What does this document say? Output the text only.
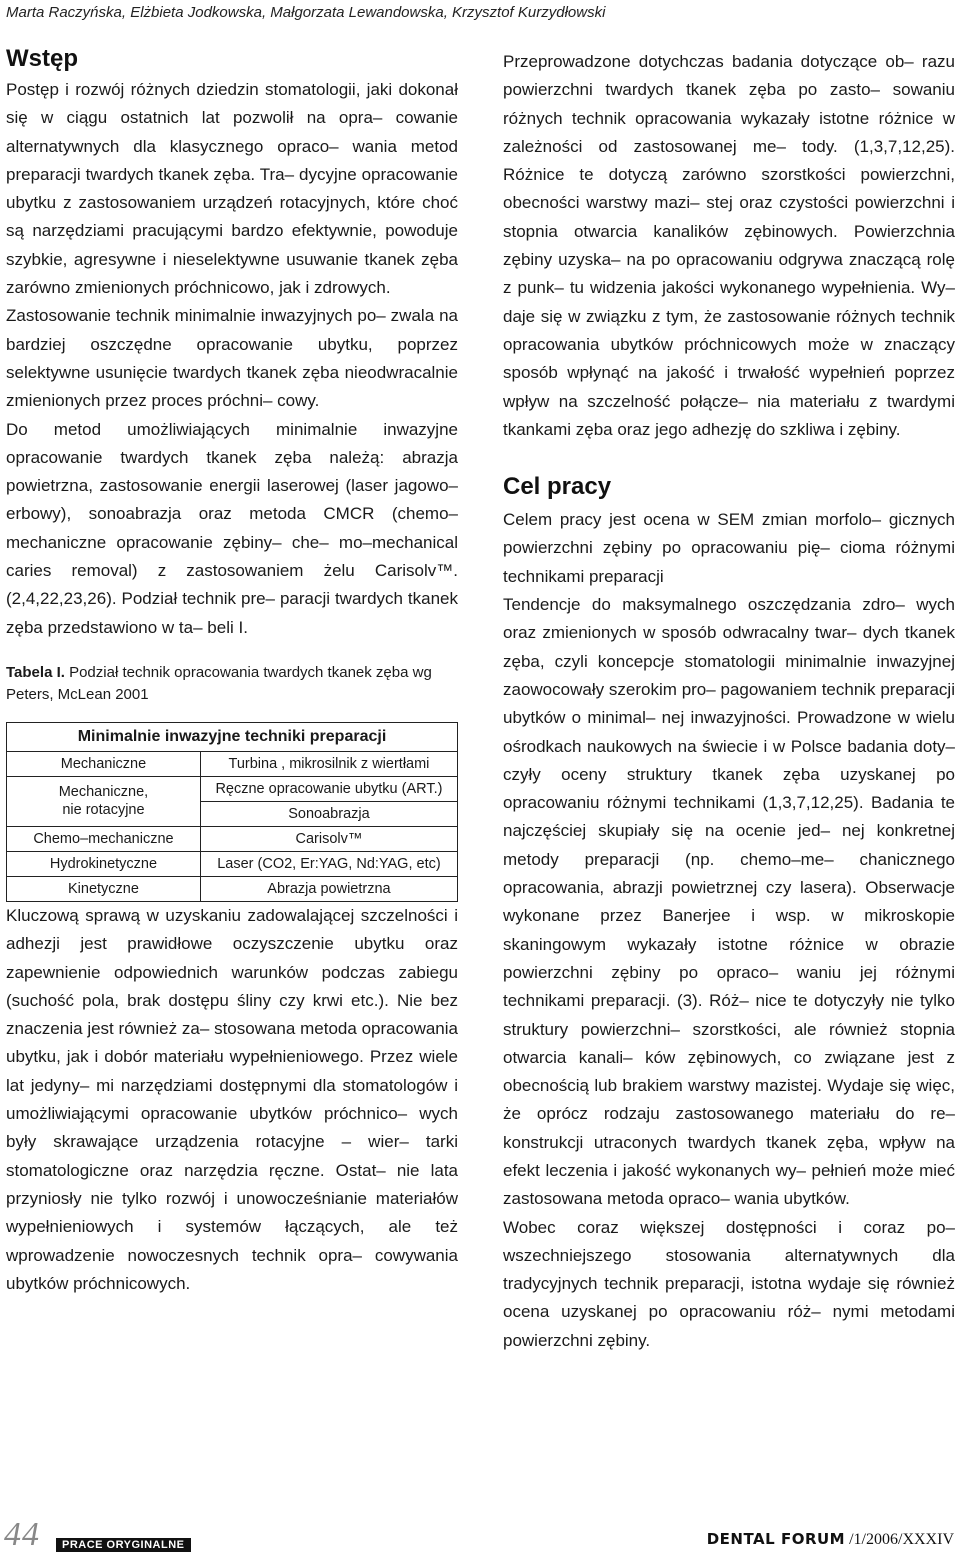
Marta Raczyńska, Elżbieta Jodkowska, Małgorzata Lewandowska, Krzysztof Kurzydłowski
Wstęp

Postęp i rozwój różnych dziedzin stomatologii, jaki dokonał się w ciągu ostatnich lat pozwolił na opra– cowanie alternatywnych dla klasycznego opraco– wania metod preparacji twardych tkanek zęba. Tra– dycyjne opracowanie ubytku z zastosowaniem urządzeń rotacyjnych, które choć są narzędziami pracującymi bardzo efektywnie, powoduje szybkie, agresywne i nieselektywne usuwanie tkanek zęba zarówno zmienionych próchnicowo, jak i zdrowych.

Zastosowanie technik minimalnie inwazyjnych po– zwala na bardziej oszczędne opracowanie ubytku, poprzez selektywne usunięcie twardych tkanek zęba nieodwracalnie zmienionych przez proces próchni– cowy.

Do metod umożliwiających minimalnie inwazyjne opracowanie twardych tkanek zęba należą: abrazja powietrzna, zastosowanie energii laserowej (laser jagowo–erbowy), sonoabrazja oraz metoda CMCR (chemo–mechaniczne opracowanie zębiny– che– mo–mechanical caries removal) z zastosowaniem żelu Carisolv™. (2,4,22,23,26). Podział technik pre– paracji twardych tkanek zęba przedstawiono w ta– beli I.

Tabela I. Podział technik opracowania twardych tkanek zęba wg Peters, McLean 2001
Minimalnie inwazyjne techniki preparacji	
Mechaniczne	Turbina , mikrosilnik z wiertłami
Mechaniczne,
nie rotacyjne	Ręczne opracowanie ubytku (ART.)
	Sonoabrazja
Chemo–mechaniczne	Carisolv™
Hydrokinetyczne	Laser (CO2, Er:YAG, Nd:YAG, etc)
Kinetyczne	Abrazja powietrzna

Kluczową sprawą w uzyskaniu zadowalającej szczelności i adhezji jest prawidłowe oczyszczenie ubytku oraz zapewnienie odpowiednich warunków podczas zabiegu (suchość pola, brak dostępu śliny czy krwi etc.). Nie bez znaczenia jest również za– stosowana metoda opracowania ubytku, jak i dobór materiału wypełnieniowego. Przez wiele lat jedyny– mi narzędziami dostępnymi dla stomatologów i umożliwiającymi opracowanie ubytków próchnico– wych były skrawające urządzenia rotacyjne – wier– tarki stomatologiczne oraz narzędzia ręczne. Ostat– nie lata przyniosły nie tylko rozwój i unowocześnianie materiałów wypełnieniowych i systemów łączących, ale też wprowadzenie nowoczesnych technik opra– cowywania ubytków próchnicowych.

Przeprowadzone dotychczas badania dotyczące ob– razu powierzchni twardych tkanek zęba po zasto– sowaniu różnych technik opracowania wykazały istotne różnice w zależności od zastosowanej me– tody. (1,3,7,12,25). Różnice te dotyczą zarówno szorstkości powierzchni, obecności warstwy mazi– stej oraz czystości powierzchni i stopnia otwarcia kanalików zębinowych. Powierzchnia zębiny uzyska– na po opracowaniu odgrywa znaczącą rolę z punk– tu widzenia jakości wykonanego wypełnienia. Wy– daje się w związku z tym, że zastosowanie różnych technik opracowania ubytków próchnicowych może w znaczący sposób wpłynąć na jakość i trwałość wypełnień poprzez wpływ na szczelność połącze– nia materiału z twardymi tkankami zęba oraz jego adhezję do szkliwa i zębiny.

Cel pracy

Celem pracy jest ocena w SEM zmian morfolo– gicznych powierzchni zębiny po opracowaniu pię– cioma różnymi technikami preparacji

Tendencje do maksymalnego oszczędzania zdro– wych oraz zmienionych w sposób odwracalny twar– dych tkanek zęba, czyli koncepcje stomatologii minimalnie inwazyjnej zaowocowały szerokim pro– pagowaniem technik preparacji ubytków o minimal– nej inwazyjności. Prowadzone w wielu ośrodkach naukowych na świecie i w Polsce badania doty– czyły oceny struktury tkanek zęba uzyskanej po opracowaniu różnymi technikami (1,3,7,12,25). Badania te najczęściej skupiały się na ocenie jed– nej konkretnej metody preparacji (np. chemo–me– chanicznego opracowania, abrazji powietrznej czy lasera). Obserwacje wykonane przez Banerjee i wsp. w mikroskopie skaningowym wykazały istotne różnice w obrazie powierzchni zębiny po opraco– waniu jej różnymi technikami preparacji. (3). Róż– nice te dotyczyły nie tylko struktury powierzchni– szorstkości, ale również stopnia otwarcia kanali– ków zębinowych, co związane jest z obecnością lub brakiem warstwy mazistej. Wydaje się więc, że oprócz rodzaju zastosowanego materiału do re– konstrukcji utraconych twardych tkanek zęba, wpływ na efekt leczenia i jakość wykonanych wy– pełnień może mieć zastosowana metoda opraco– wania ubytków.

Wobec coraz większej dostępności i coraz po– wszechniejszego stosowania alternatywnych dla tradycyjnych technik preparacji, istotna wydaje się również ocena uzyskanej po opracowaniu róż– nymi metodami powierzchni zębiny.

44	PRACE ORYGINALNE	DENTAL FORUM /1/2006/XXXIV
